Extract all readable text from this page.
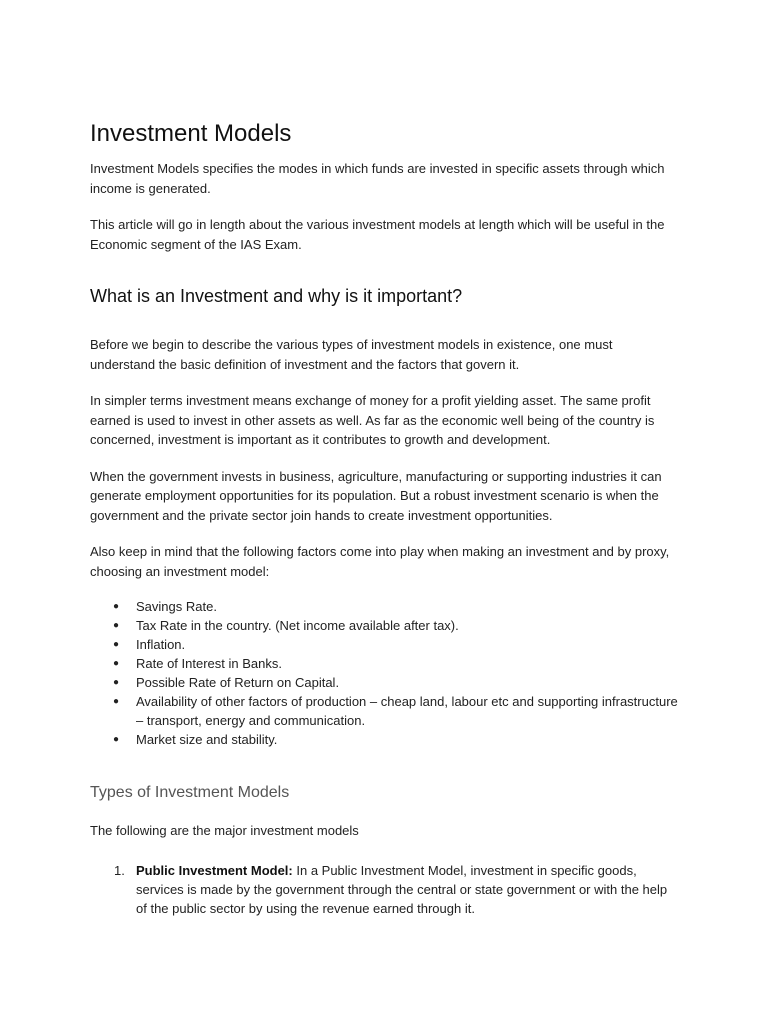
Investment Models

Investment Models specifies the modes in which funds are invested in specific assets through which income is generated.

This article will go in length about the various investment models at length which will be useful in the Economic segment of the IAS Exam.

What is an Investment and why is it important?

Before we begin to describe the various types of investment models in existence, one must understand the basic definition of investment and the factors that govern it.

In simpler terms investment means exchange of money for a profit yielding asset. The same profit earned is used to invest in other assets as well. As far as the economic well being of the country is concerned, investment is important as it contributes to growth and development.

When the government invests in business, agriculture, manufacturing or supporting industries it can generate employment opportunities for its population. But a robust investment scenario is when the government and the private sector join hands to create investment opportunities.

Also keep in mind that the following factors come into play when making an investment and by proxy, choosing an investment model:

● Savings Rate.
● Tax Rate in the country. (Net income available after tax).
● Inflation.
● Rate of Interest in Banks.
● Possible Rate of Return on Capital.
● Availability of other factors of production – cheap land, labour etc and supporting infrastructure – transport, energy and communication.
● Market size and stability.
Types of Investment Models

The following are the major investment models

1. Public Investment Model: In a Public Investment Model, investment in specific goods, services is made by the government through the central or state government or with the help of the public sector by using the revenue earned through it.
